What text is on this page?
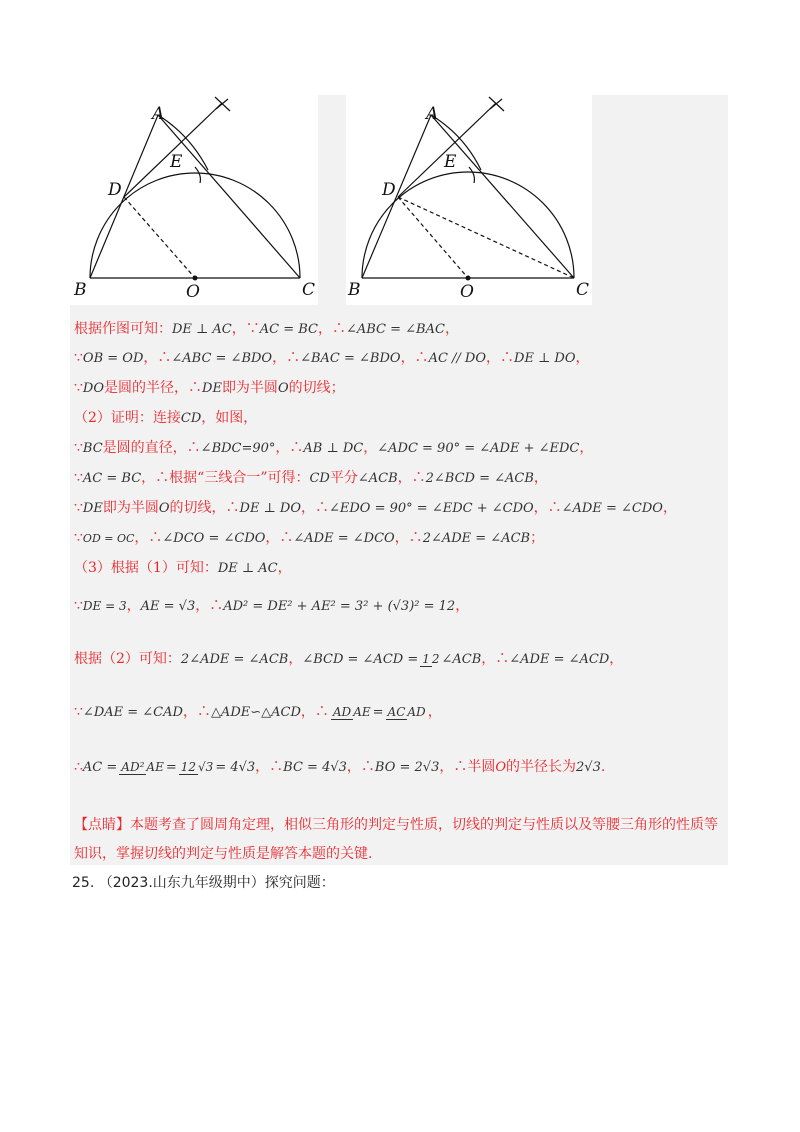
A
E
D
B	O	C
A
E
D
B	O	C
根据作图可知：DE ⊥ AC，∵AC = BC，∴∠ABC = ∠BAC，
∵OB = OD，∴∠ABC = ∠BDO，∴∠BAC = ∠BDO，∴AC // DO，∴DE ⊥ DO，
∵DO是圆的半径，∴DE即为半圆O的切线；
（2）证明：连接CD，如图，
∵BC是圆的直径，∴∠BDC=90°，∴AB ⊥ DC，∠ADC = 90° = ∠ADE + ∠EDC，
∵AC = BC，∴根据“三线合一”可得：CD平分∠ACB，∴2∠BCD = ∠ACB，
∵DE即为半圆O的切线，∴DE ⊥ DO，∴∠EDO = 90° = ∠EDC + ∠CDO，∴∠ADE = ∠CDO，
∵OD = OC，∴∠DCO = ∠CDO，∴∠ADE = ∠DCO，∴2∠ADE = ∠ACB；
（3）根据（1）可知：DE ⊥ AC，
∵DE = 3，AE = √3，∴AD² = DE² + AE² = 3² + (√3)² = 12，
根据（2）可知：2∠ADE = ∠ACB，∠BCD = ∠ACD = 1 2 ∠ACB，∴∠ADE = ∠ACD，
∵∠DAE = ∠CAD，∴△ADE∽△ACD，∴ AD AE = AC AD ，
∴AC = AD² AE = 12 √3 = 4√3，∴BC = 4√3，∴BO = 2√3，∴半圆O的半径长为2√3.
【点睛】本题考查了圆周角定理，相似三角形的判定与性质，切线的判定与性质以及等腰三角形的性质等
知识，掌握切线的判定与性质是解答本题的关键.
25. （2023.山东九年级期中）探究问题：
